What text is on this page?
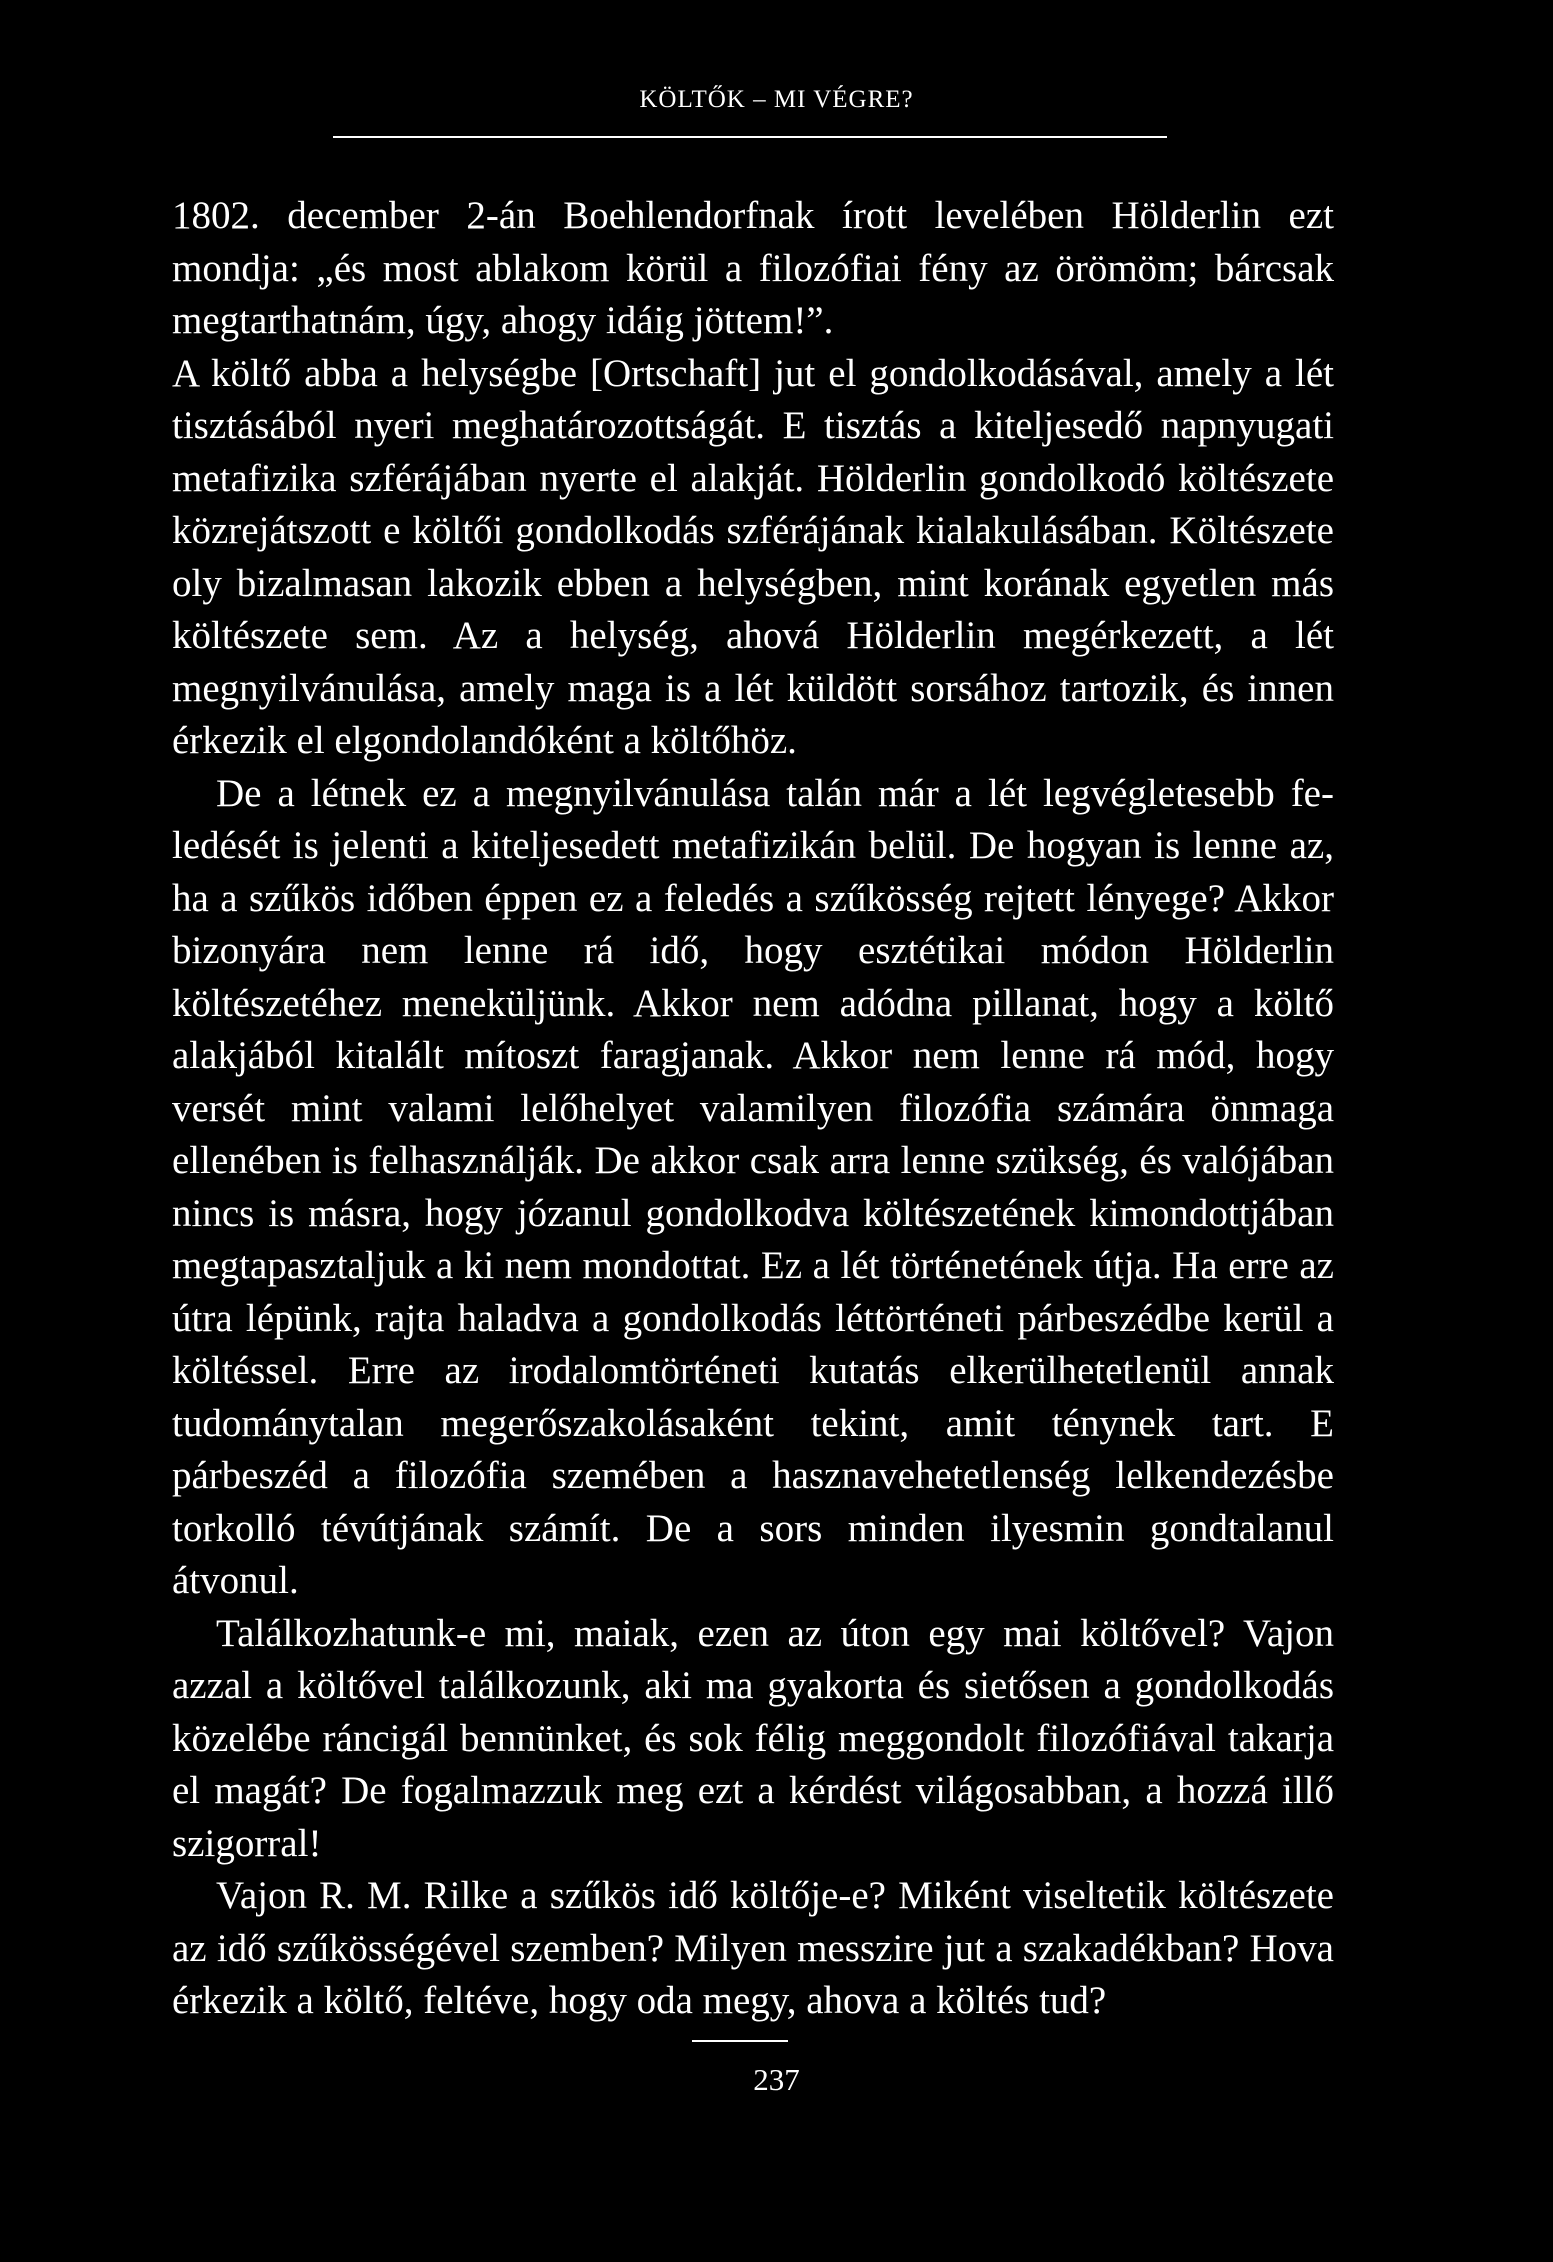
KÖLTŐK – MI VÉGRE?

1802. december 2-án Boehlendorfnak írott levelében Hölderlin ezt mondja: „és most ablakom körül a filozófiai fény az örömöm; bárcsak megtarthatnám, úgy, ahogy idáig jöttem!”.

A költő abba a helységbe [Ortschaft] jut el gondolkodásával, amely a lét tisztásából nyeri meghatározottságát. E tisztás a kiteljesedő napnyugati metafizika szférájában nyerte el alakját. Hölderlin gondolkodó költészete közrejátszott e költői gondolkodás szférájának kialakulásában. Költészete oly bizalmasan lakozik ebben a helységben, mint korának egyetlen más költészete sem. Az a helység, ahová Hölderlin megérkezett, a lét megnyilvánulása, amely maga is a lét küldött sorsához tartozik, és innen érkezik el elgondolandóként a költőhöz.

De a létnek ez a megnyilvánulása talán már a lét legvégletesebb feledését is jelenti a kiteljesedett metafizikán belül. De hogyan is lenne az, ha a szűkös időben éppen ez a feledés a szűkösség rejtett lényege? Akkor bizonyára nem lenne rá idő, hogy esztétikai módon Hölderlin költészetéhez meneküljünk. Akkor nem adódna pillanat, hogy a költő alakjából kitalált mítoszt faragjanak. Akkor nem lenne rá mód, hogy versét mint valami lelőhelyet valamilyen filozófia számára önmaga ellenében is felhasználják. De akkor csak arra lenne szükség, és valójában nincs is másra, hogy józanul gondolkodva költészetének kimondottjában megtapasztaljuk a ki nem mondottat. Ez a lét történetének útja. Ha erre az útra lépünk, rajta haladva a gondolkodás léttörténeti párbeszédbe kerül a költéssel. Erre az irodalomtörténeti kutatás elkerülhetetlenül annak tudománytalan megerőszakolásaként tekint, amit ténynek tart. E párbeszéd a filozófia szemében a hasznavehetetlenség lelkendezésbe torkolló tévútjának számít. De a sors minden ilyesmin gondtalanul átvonul.

Találkozhatunk-e mi, maiak, ezen az úton egy mai költővel? Vajon azzal a költővel találkozunk, aki ma gyakorta és sietősen a gondolkodás közelébe ráncigál bennünket, és sok félig meggondolt filozófiával takarja el magát? De fogalmazzuk meg ezt a kérdést világosabban, a hozzá illő szigorral!

Vajon R. M. Rilke a szűkös idő költője-e? Miként viseltetik költészete az idő szűkösségével szemben? Milyen messzire jut a szakadékban? Hova érkezik a költő, feltéve, hogy oda megy, ahova a költés tud?

237
